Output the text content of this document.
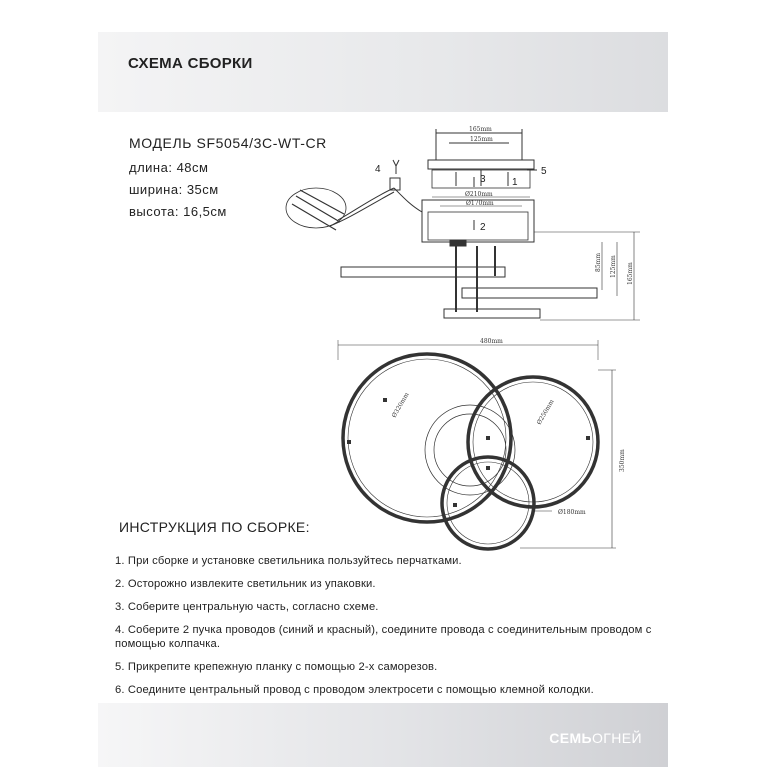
СХЕМА СБОРКИ
МОДЕЛЬ SF5054/3C-WT-CR
длина: 48см
ширина: 35см
высота: 16,5см
165mm
125mm
Ø210mm
Ø170mm
85mm 125mm 165mm
1
2
3
4	5
480mm
Ø320mm	Ø250mm
Ø180mm
350mm
ИНСТРУКЦИЯ ПО СБОРКЕ:
1. При сборке и установке светильника пользуйтесь перчатками.
2. Осторожно извлеките светильник из упаковки.
3. Соберите центральную часть, согласно схеме.
4. Соберите 2 пучка проводов (синий и красный), соедините провода с соединительным проводом с помощью колпачка.
5. Прикрепите крепежную планку с помощью 2-х саморезов.
6. Соедините центральный провод с проводом электросети с помощью клемной колодки.
СЕМЬОГНЕЙ
